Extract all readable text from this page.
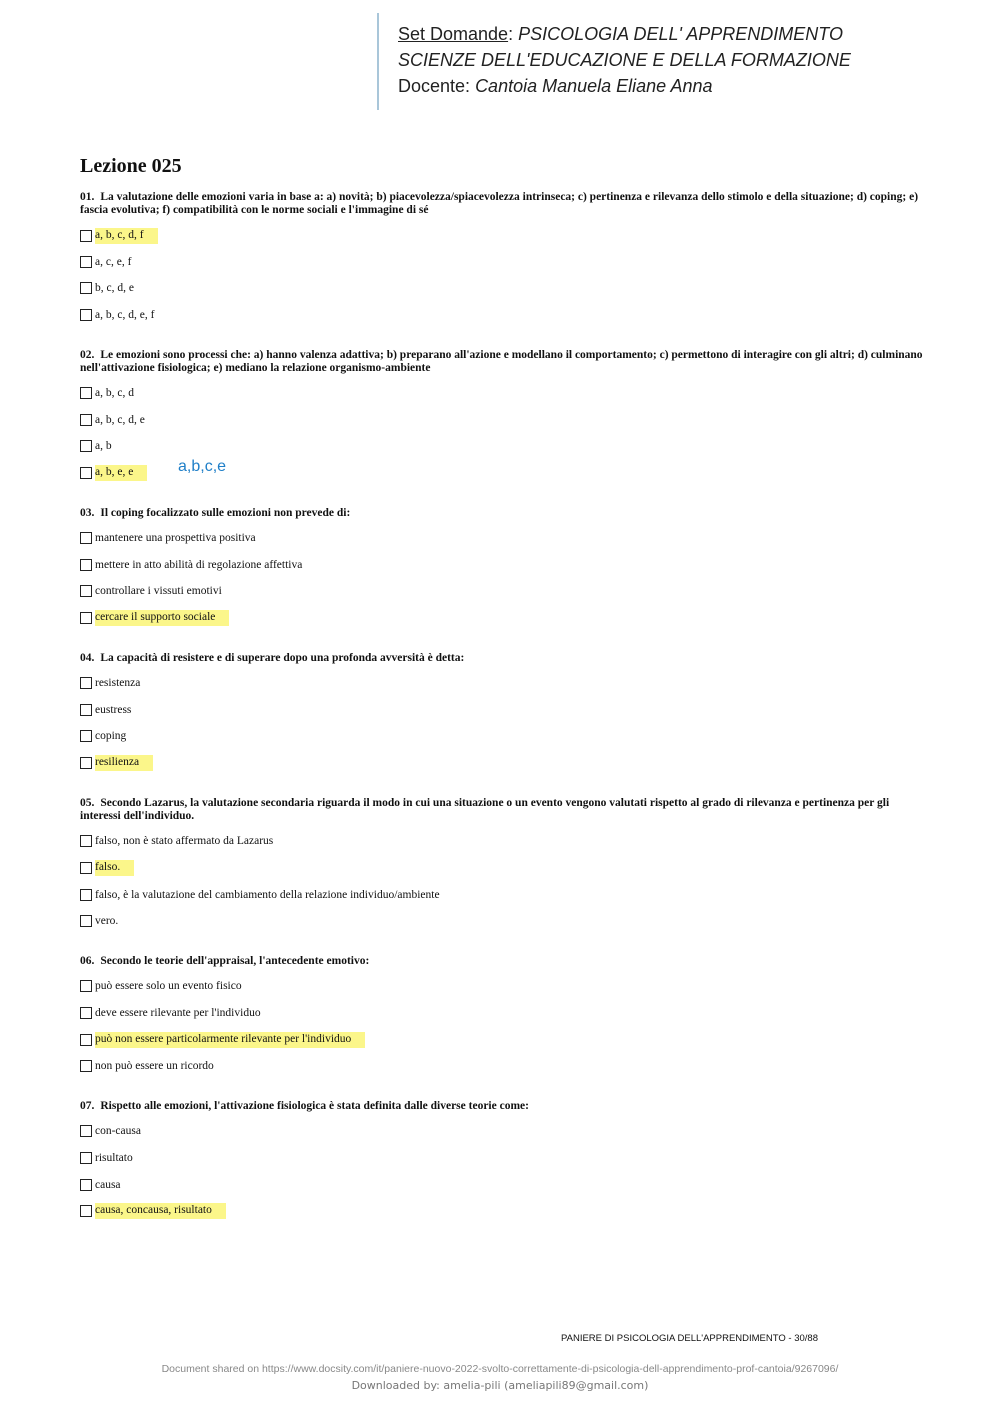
Set Domande: PSICOLOGIA DELL' APPRENDIMENTO
SCIENZE DELL'EDUCAZIONE E DELLA FORMAZIONE
Docente: Cantoia Manuela Eliane Anna
Lezione 025
01. La valutazione delle emozioni varia in base a: a) novità; b) piacevolezza/spiacevolezza intrinseca; c) pertinenza e rilevanza dello stimolo e della situazione; d) coping; e) fascia evolutiva; f) compatibilità con le norme sociali e l'immagine di sé
a, b, c, d, f
a, c, e, f
b, c, d, e
a, b, c, d, e, f
02. Le emozioni sono processi che: a) hanno valenza adattiva; b) preparano all'azione e modellano il comportamento; c) permettono di interagire con gli altri; d) culminano nell'attivazione fisiologica; e) mediano la relazione organismo-ambiente
a, b, c, d
a, b, c, d, e
a, b
a, b, e, e	a,b,c,e
03. Il coping focalizzato sulle emozioni non prevede di:
mantenere una prospettiva positiva
mettere in atto abilità di regolazione affettiva
controllare i vissuti emotivi
cercare il supporto sociale
04. La capacità di resistere e di superare dopo una profonda avversità è detta:
resistenza
eustress
coping
resilienza
05. Secondo Lazarus, la valutazione secondaria riguarda il modo in cui una situazione o un evento vengono valutati rispetto al grado di rilevanza e pertinenza per gli interessi dell'individuo.
falso, non è stato affermato da Lazarus
falso.
falso, è la valutazione del cambiamento della relazione individuo/ambiente
vero.
06. Secondo le teorie dell'appraisal, l'antecedente emotivo:
può essere solo un evento fisico
deve essere rilevante per l'individuo
può non essere particolarmente rilevante per l'individuo
non può essere un ricordo
07. Rispetto alle emozioni, l'attivazione fisiologica è stata definita dalle diverse teorie come:
con-causa
risultato
causa
causa, concausa, risultato
PANIERE DI PSICOLOGIA DELL'APPRENDIMENTO - 30/88
Document shared on https://www.docsity.com/it/paniere-nuovo-2022-svolto-correttamente-di-psicologia-dell-apprendimento-prof-cantoia/9267096/
Downloaded by: amelia-pili (ameliapili89@gmail.com)
